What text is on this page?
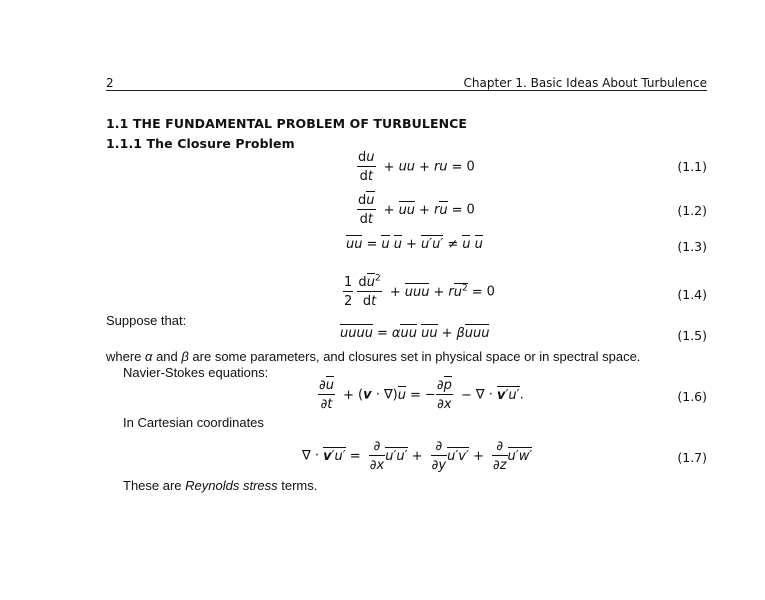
2	Chapter 1. Basic Ideas About Turbulence
1.1 THE FUNDAMENTAL PROBLEM OF TURBULENCE
1.1.1 The Closure Problem
$\frac{du}{dt}$ + uu + ru = 0	(1.1)
$\frac{du}{dt}$ + uu + ru = 0	(1.2)
uu = u u + u′u′ ≠ u u	(1.3)
$\frac{1}{2}$
$\frac{du^2}{dt}$ + uuu + $ru^2 = 0$	(1.4)
Suppose that:
uuuu = αuu uu + βuuu	(1.5)
where α and β are some parameters, and closures set in physical space or in spectral space.
Navier-Stokes equations:
$\frac{\partial u}{\partial t} + (v \cdot \nabla)u$ = − $\frac{\partial p}{\partial x}$ − ∇ · v′u′.	(1.6)
In Cartesian coordinates
∇ · $v'u' = \frac{\partial}{\partial x} u'u' + \frac{\partial}{\partial y} u'v' + \frac{\partial}{\partial z} u'w'$	(1.7)
These are Reynolds stress terms.
